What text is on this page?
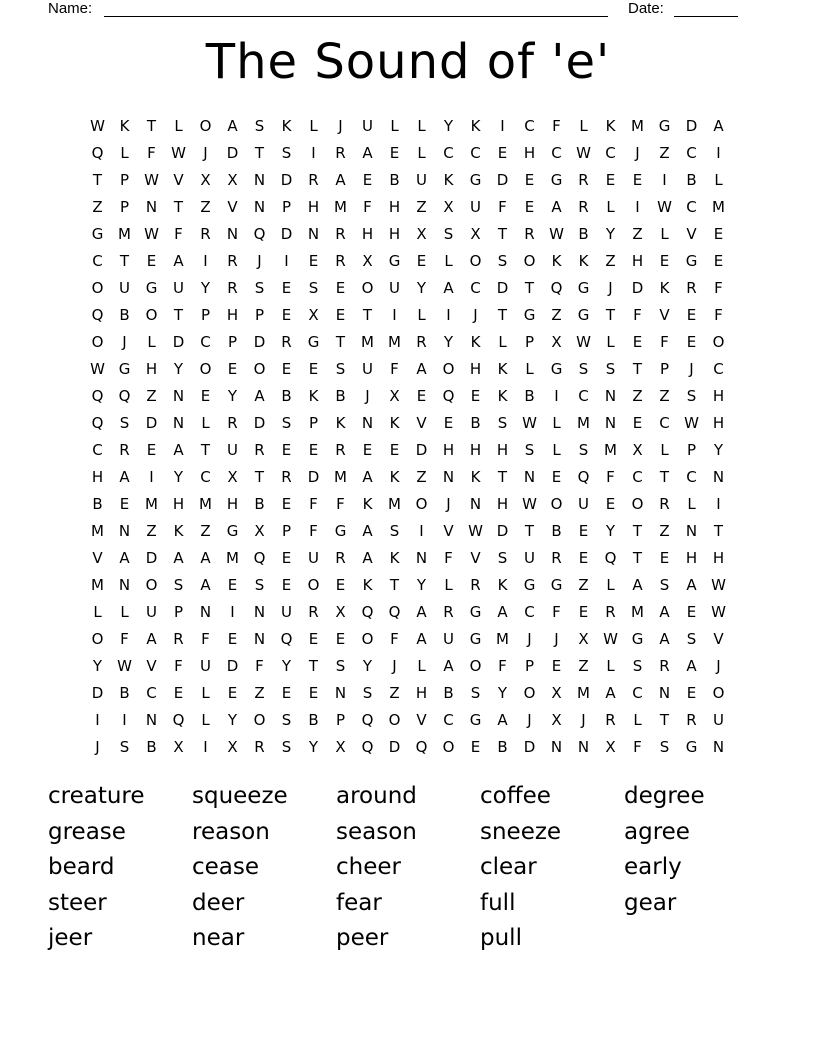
Name:	Date:
The Sound of 'e'
W K	T	L	O	A	S	K	L	J	U	L	L	Y	K	I	C	F	L	K	M G	D	A
Q	L	F	W	J	D	T	S	I	R	A	E	L	C	C	E	H	C W C	J	Z	C	I
T	P	W V	X	X	N	D	R	A	E	B	U	K	G	D	E	G	R	E	E	I	B	L
Z	P	N	T	Z	V	N	P	H M	F	H	Z	X	U	F	E	A	R	L	I	W C	M
G M W	F	R	N	Q	D	N	R	H	H	X	S	X	T	R W B	Y	Z	L	V	E
C	T	E	A	I	R	J	I	E	R	X	G	E	L	O	S	O	K	K	Z	H	E	G	E
O	U	G	U	Y	R	S	E	S	E	O	U	Y	A	C	D	T	Q	G	J	D	K	R	F
Q	B	O	T	P	H	P	E	X	E	T	I	L	I	J	T	G	Z	G	T	F	V	E	F
O	J	L	D	C	P	D	R	G	T	M M	R	Y	K	L	P	X W	L	E	F	E	O
W G	H	Y	O	E	O	E	E	S	U	F	A	O	H	K	L	G	S	S	T	P	J	C
Q	Q	Z	N	E	Y	A	B	K	B	J	X	E	Q	E	K	B	I	C	N	Z	Z	S	H
Q	S	D	N	L	R	D	S	P	K	N	K	V	E	B	S W	L	M N	E	C W H
C	R	E	A	T	U	R	E	E	R	E	E	D	H	H	H	S	L	S	M	X	L	P	Y
H	A	I	Y	C	X	T	R	D M	A	K	Z	N	K	T	N	E	Q	F	C	T	C	N
B	E	M H M H	B	E	F	F	K	M O	J	N	H W O	U	E	O	R	L	I
M N	Z	K	Z	G	X	P	F	G	A	S	I	V W D	T	B	E	Y	T	Z	N	T
V	A	D	A	A	M Q	E	U	R	A	K	N	F	V	S	U	R	E	Q	T	E	H	H
M N	O	S	A	E	S	E	O	E	K	T	Y	L	R	K	G	G	Z	L	A	S	A W
L	L	U	P	N	I	N	U	R	X	Q	Q	A	R	G	A	C	F	E	R	M	A	E W
O	F	A	R	F	E	N	Q	E	E	O	F	A	U	G M	J	J	X W G	A	S	V
Y	W V	F	U	D	F	Y	T	S	Y	J	L	A	O	F	P	E	Z	L	S	R	A	J
D	B	C	E	L	E	Z	E	E	N	S	Z	H	B	S	Y	O	X	M	A	C	N	E	O
I	I	N	Q	L	Y	O	S	B	P	Q	O	V	C	G	A	J	X	J	R	L	T	R	U
J	S	B	X	I	X	R	S	Y	X	Q	D	Q	O	E	B	D	N	N	X	F	S	G	N
creature	squeeze	around	coffee	degree
grease	reason	season	sneeze	agree
beard	cease	cheer	clear	early
steer	deer	fear	full	gear
jeer	near	peer	pull
